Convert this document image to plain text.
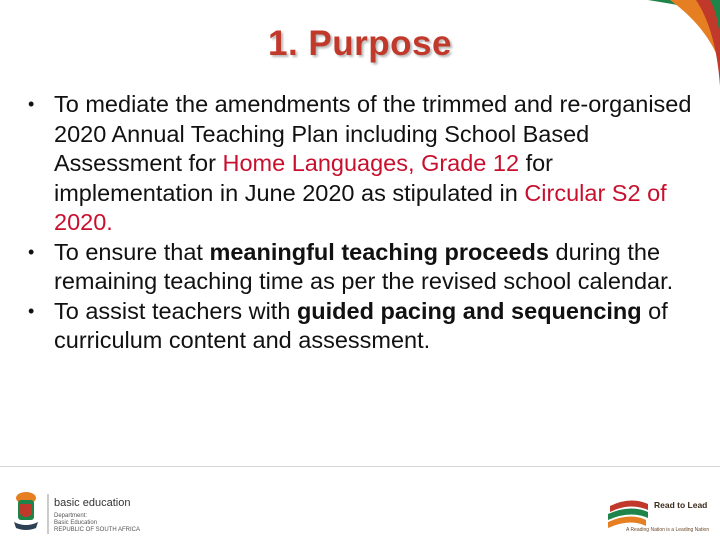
1. Purpose
• To mediate the amendments of the trimmed and re-organised 2020 Annual Teaching Plan including School Based Assessment for Home Languages, Grade 12 for implementation in June 2020 as stipulated in Circular S2 of 2020.
• To ensure that meaningful teaching proceeds during the remaining teaching time as per the revised school calendar.
• To assist teachers with guided pacing and sequencing of curriculum content and assessment.
basic education
Department:
Basic Education
REPUBLIC OF SOUTH AFRICA
Read to Lead
A Reading Nation is a Leading Nation
